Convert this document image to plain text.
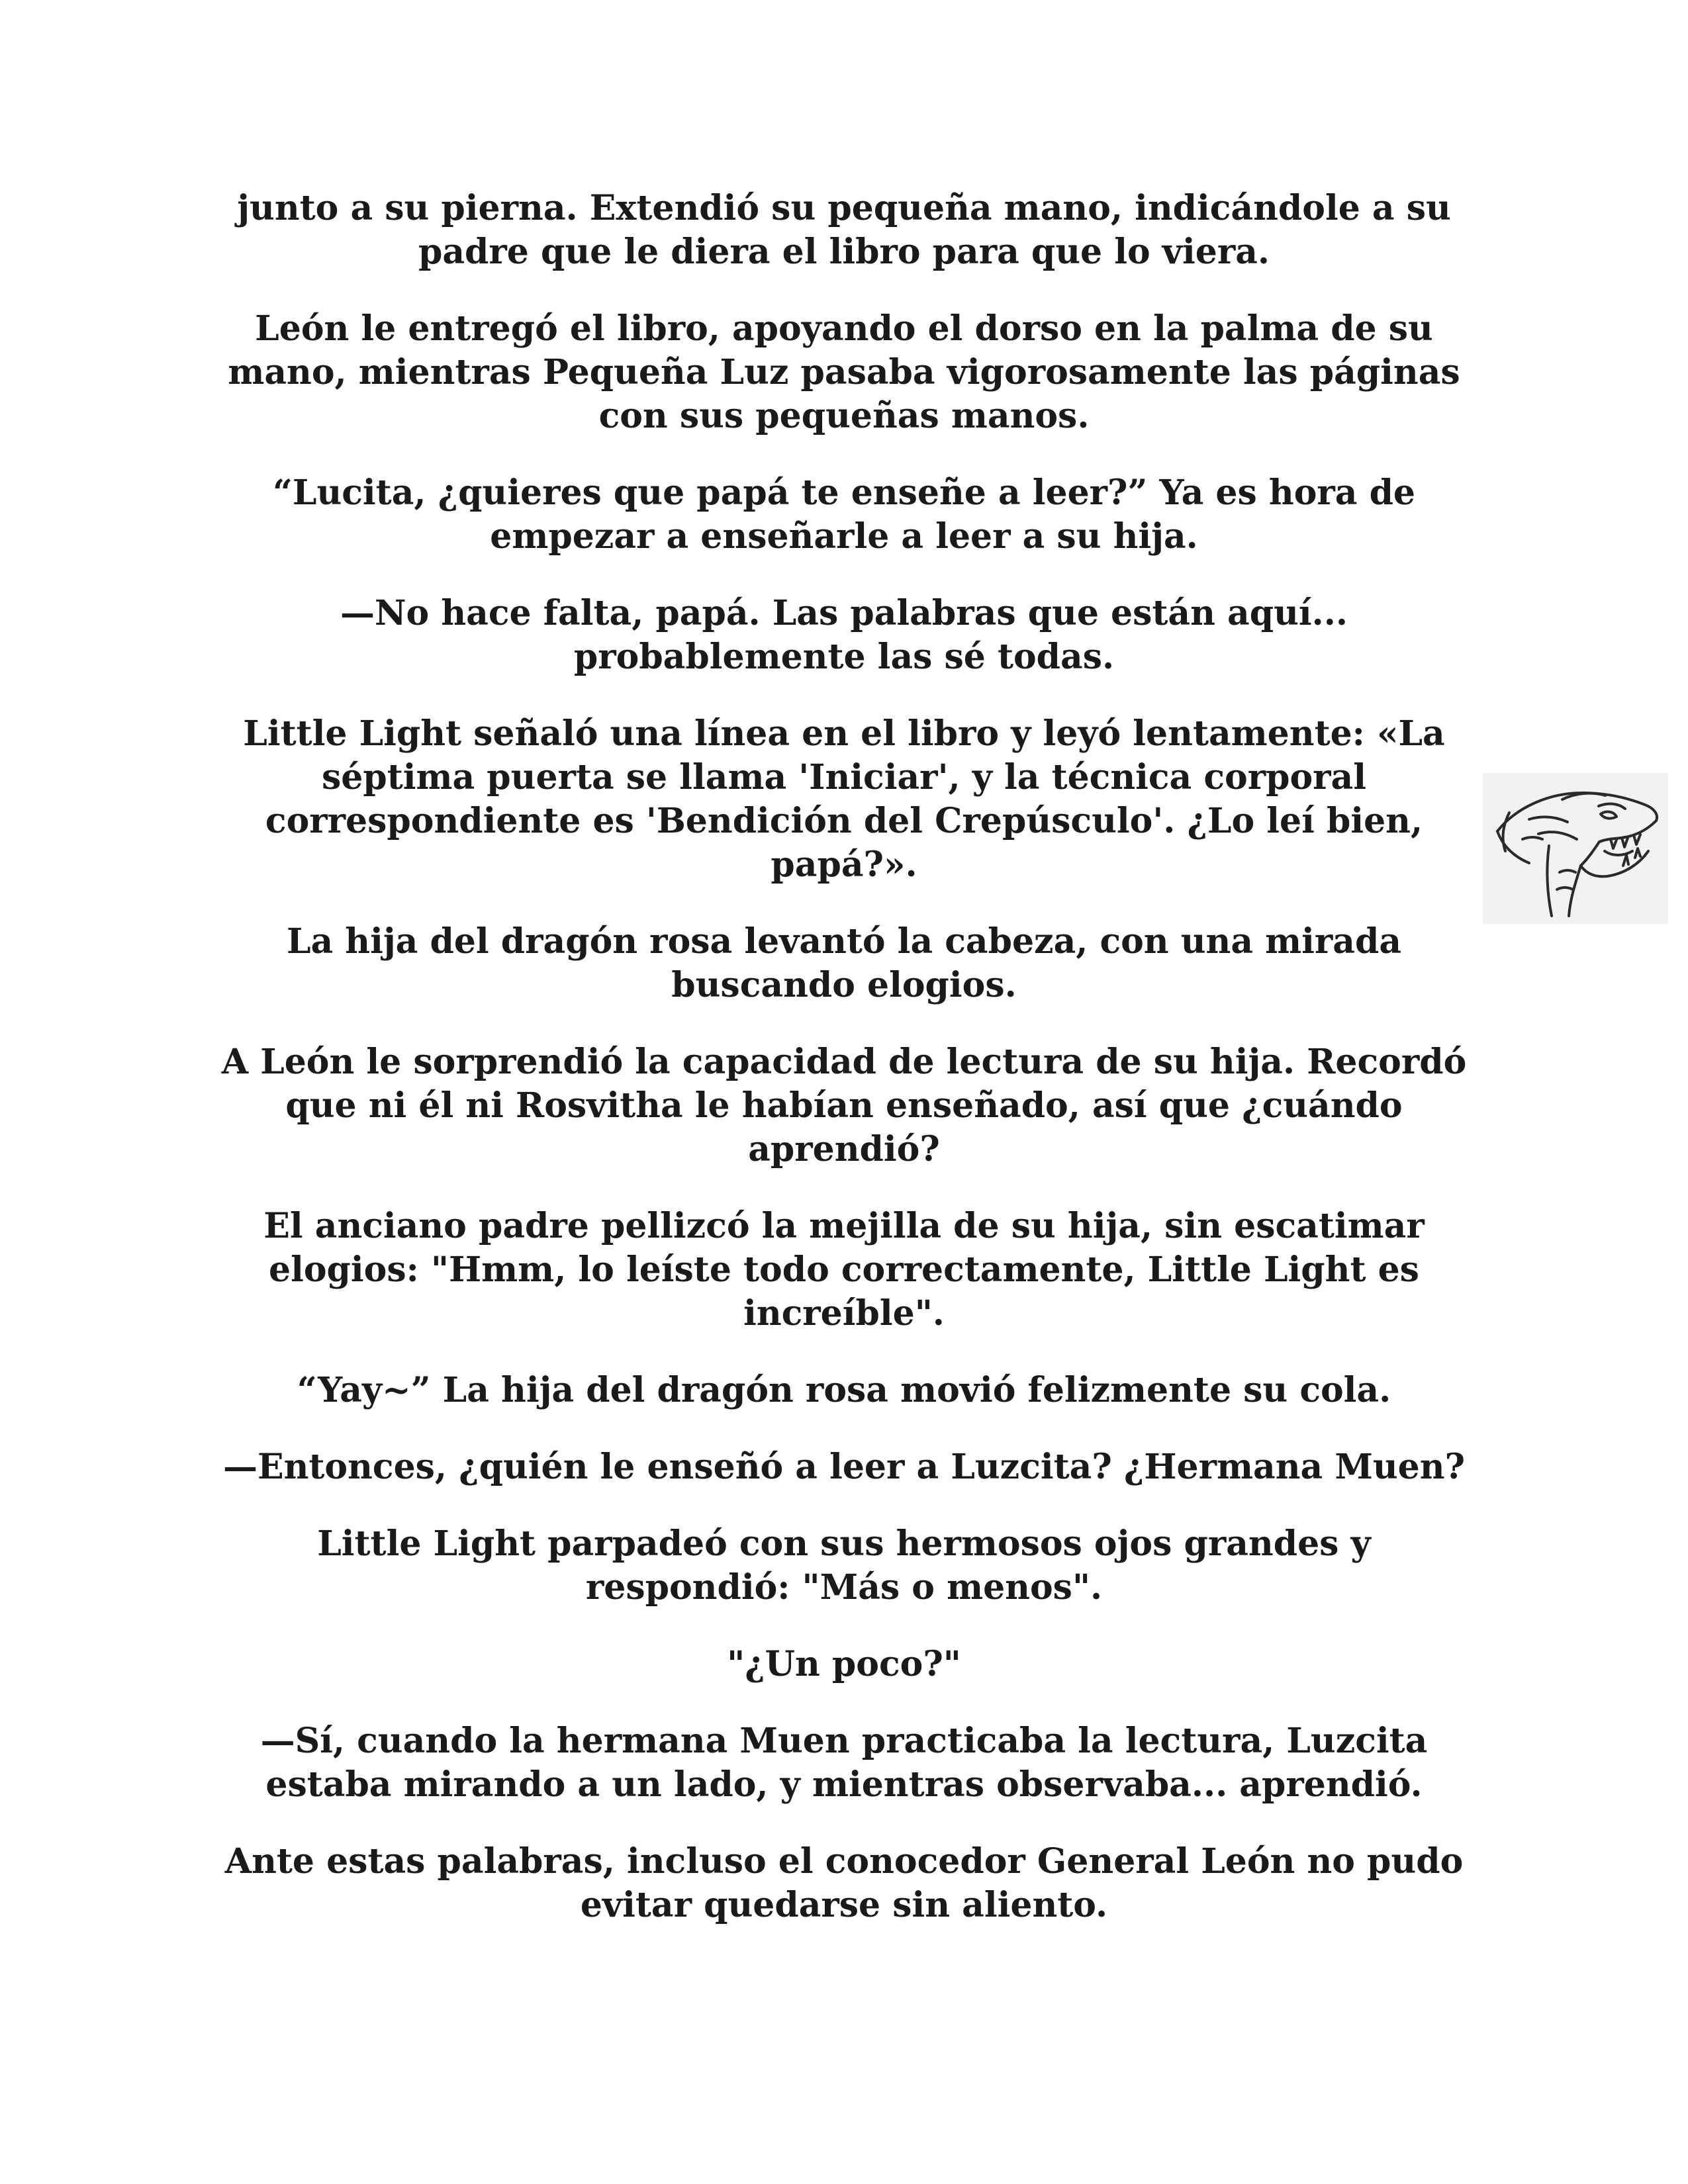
junto a su pierna. Extendió su pequeña mano, indicándole a su padre que le diera el libro para que lo viera.

León le entregó el libro, apoyando el dorso en la palma de su mano, mientras Pequeña Luz pasaba vigorosamente las páginas con sus pequeñas manos.

“Lucita, ¿quieres que papá te enseñe a leer?” Ya es hora de empezar a enseñarle a leer a su hija.

—No hace falta, papá. Las palabras que están aquí... probablemente las sé todas.

Little Light señaló una línea en el libro y leyó lentamente: «La séptima puerta se llama 'Iniciar', y la técnica corporal correspondiente es 'Bendición del Crepúsculo'. ¿Lo leí bien, papá?».

La hija del dragón rosa levantó la cabeza, con una mirada buscando elogios.

A León le sorprendió la capacidad de lectura de su hija. Recordó que ni él ni Rosvitha le habían enseñado, así que ¿cuándo aprendió?

El anciano padre pellizcó la mejilla de su hija, sin escatimar elogios: "Hmm, lo leíste todo correctamente, Little Light es increíble".

“Yay~” La hija del dragón rosa movió felizmente su cola.

—Entonces, ¿quién le enseñó a leer a Luzcita? ¿Hermana Muen?

Little Light parpadeó con sus hermosos ojos grandes y respondió: "Más o menos".

"¿Un poco?"

—Sí, cuando la hermana Muen practicaba la lectura, Luzcita estaba mirando a un lado, y mientras observaba... aprendió.

Ante estas palabras, incluso el conocedor General León no pudo evitar quedarse sin aliento.
